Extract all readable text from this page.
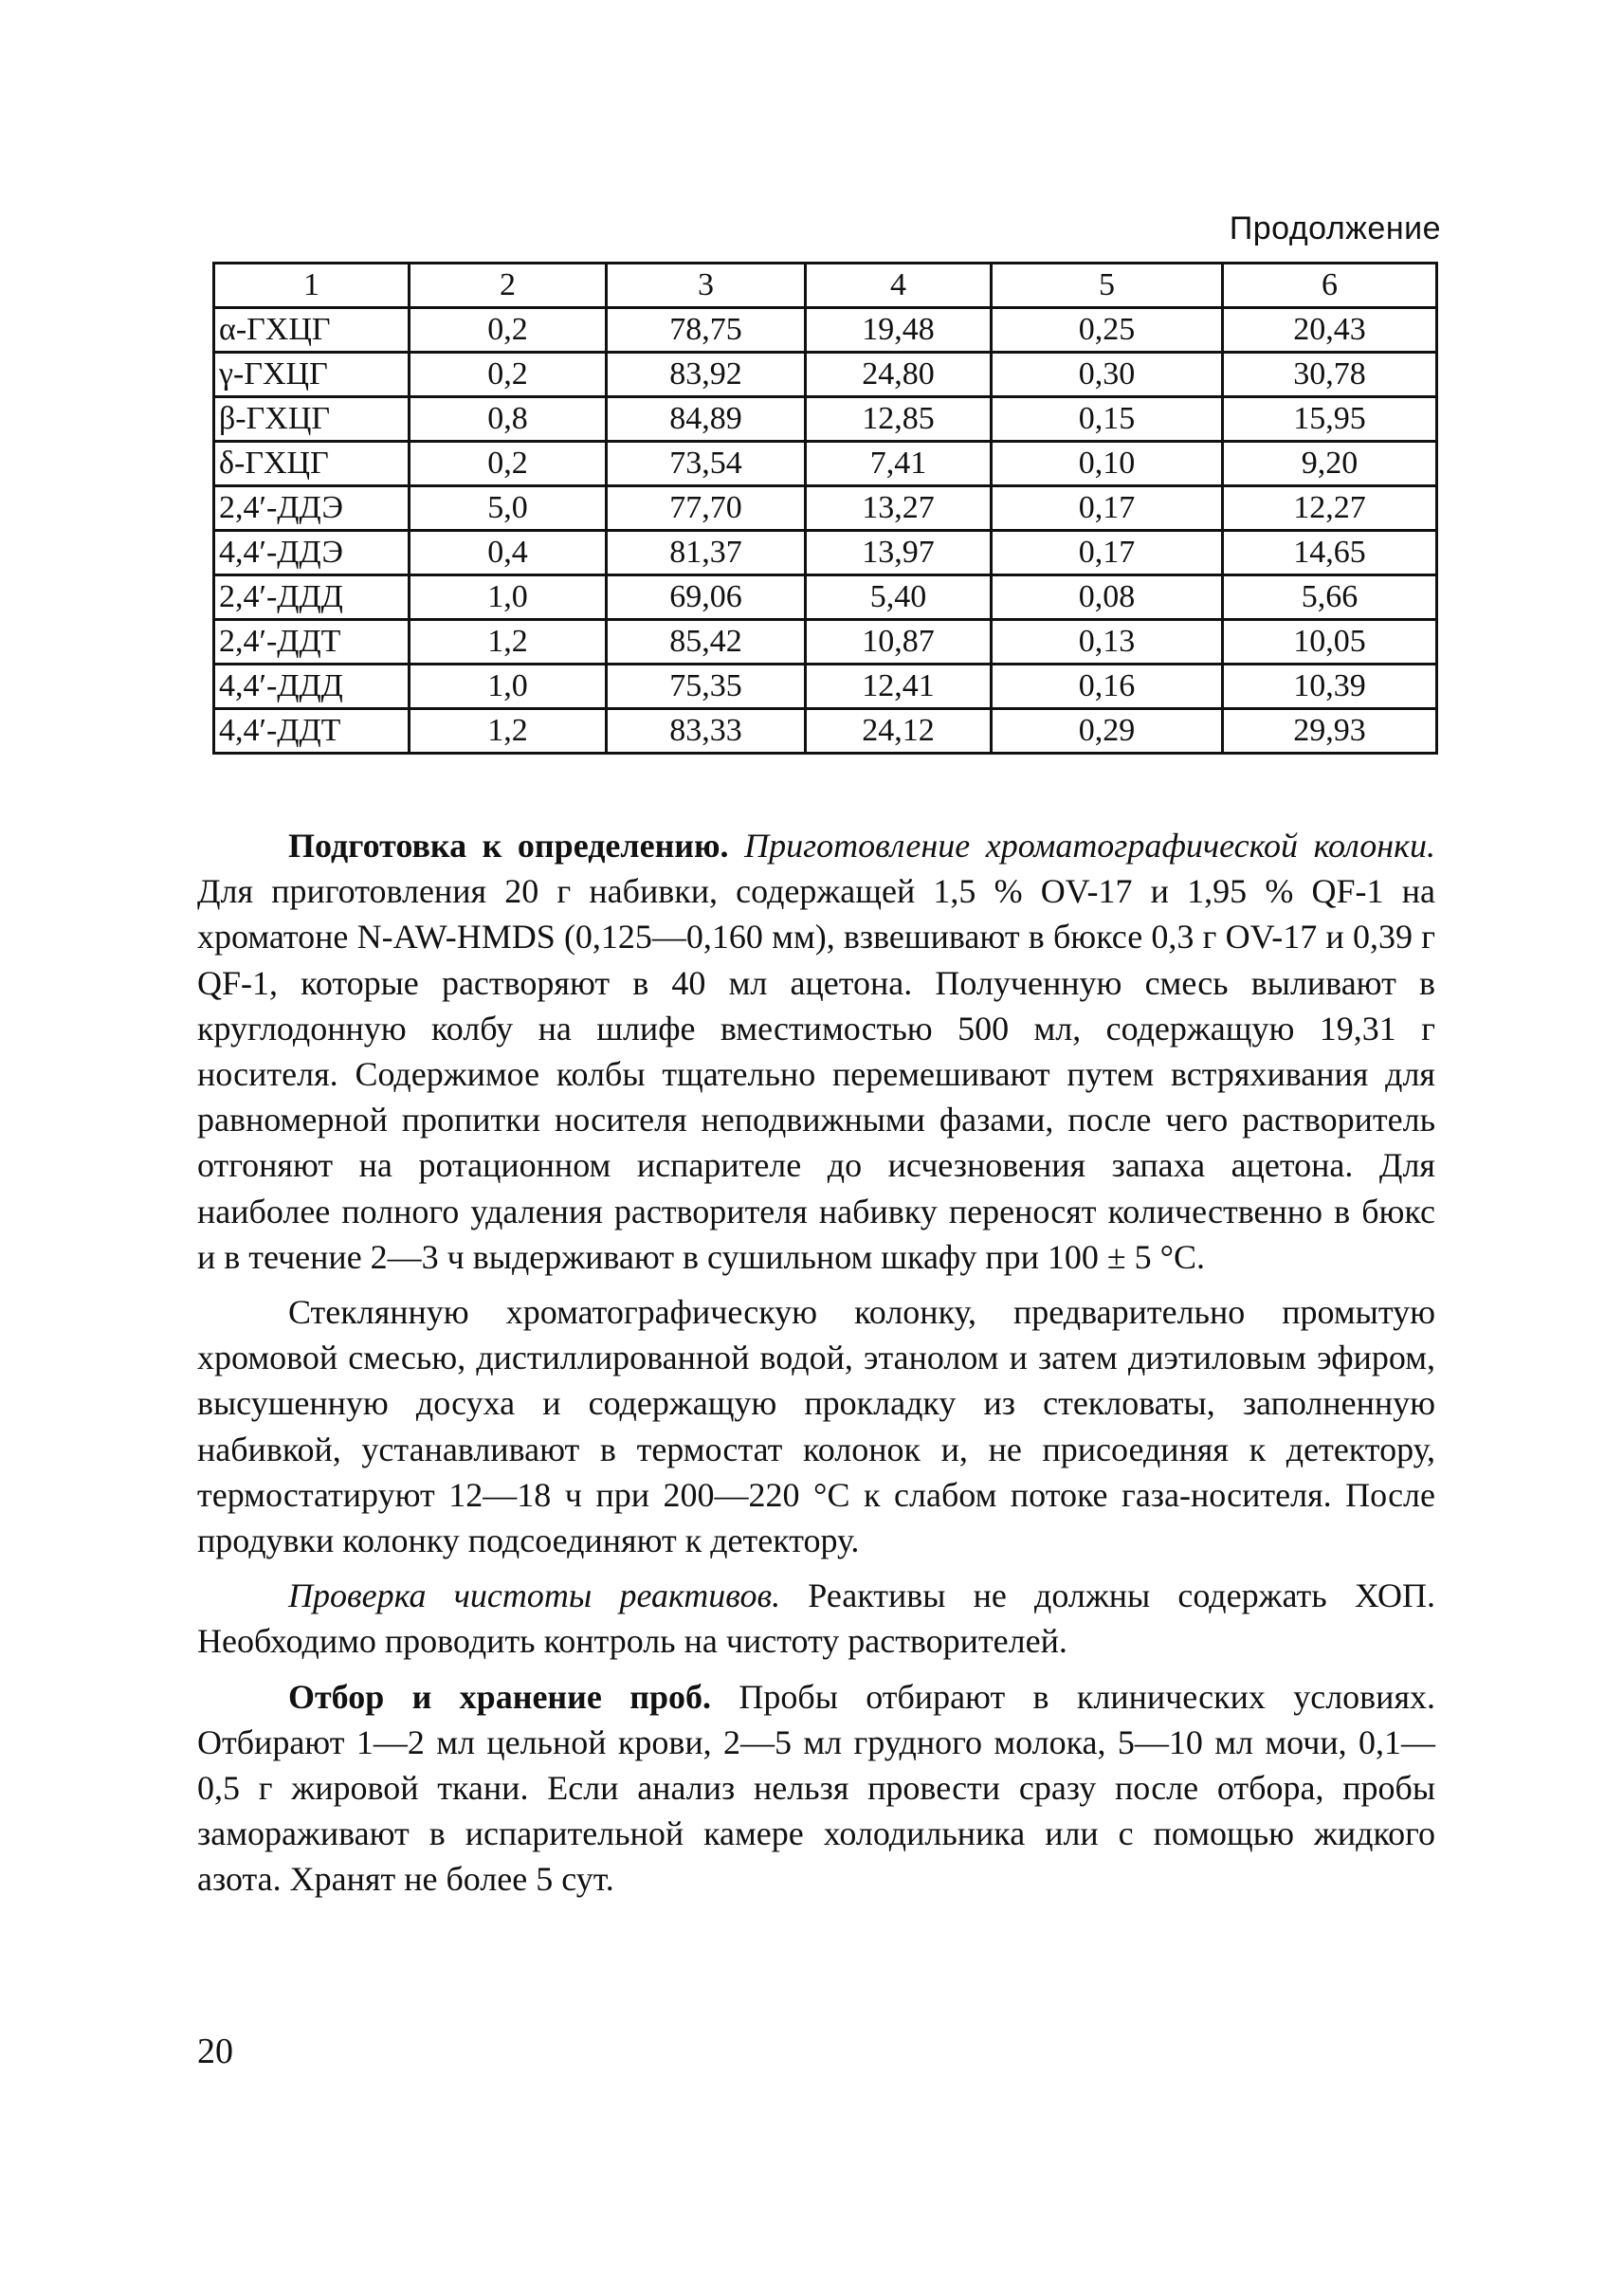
Продолжение
1	2	3	4	5	6
α-ГХЦГ	0,2	78,75	19,48	0,25	20,43
γ-ГХЦГ	0,2	83,92	24,80	0,30	30,78
β-ГХЦГ	0,8	84,89	12,85	0,15	15,95
δ-ГХЦГ	0,2	73,54	7,41	0,10	9,20
2,4′-ДДЭ	5,0	77,70	13,27	0,17	12,27
4,4′-ДДЭ	0,4	81,37	13,97	0,17	14,65
2,4′-ДДД	1,0	69,06	5,40	0,08	5,66
2,4′-ДДТ	1,2	85,42	10,87	0,13	10,05
4,4′-ДДД	1,0	75,35	12,41	0,16	10,39
4,4′-ДДТ	1,2	83,33	24,12	0,29	29,93

Подготовка к определению. Приготовление хроматографической колонки. Для приготовления 20 г набивки, содержащей 1,5 % OV-17 и 1,95 % QF-1 на хроматоне N-AW-HMDS (0,125—0,160 мм), взвешивают в бюксе 0,3 г OV-17 и 0,39 г QF-1, которые растворяют в 40 мл ацетона. Полученную смесь выливают в круглодонную колбу на шлифе вместимостью 500 мл, содержащую 19,31 г носителя. Содержимое колбы тщательно перемешивают путем встряхивания для равномерной пропитки носителя неподвижными фазами, после чего растворитель отгоняют на ротационном испарителе до исчезновения запаха ацетона. Для наиболее полного удаления растворителя набивку переносят количественно в бюкс и в течение 2—3 ч выдерживают в сушильном шкафу при 100 ± 5 °С.

Стеклянную хроматографическую колонку, предварительно промытую хромовой смесью, дистиллированной водой, этанолом и затем диэтиловым эфиром, высушенную досуха и содержащую прокладку из стекловаты, заполненную набивкой, устанавливают в термостат колонок и, не присоединяя к детектору, термостатируют 12—18 ч при 200—220 °С к слабом потоке газа-носителя. После продувки колонку подсоединяют к детектору.

Проверка чистоты реактивов. Реактивы не должны содержать ХОП. Необходимо проводить контроль на чистоту растворителей.

Отбор и хранение проб. Пробы отбирают в клинических условиях. Отбирают 1—2 мл цельной крови, 2—5 мл грудного молока, 5—10 мл мочи, 0,1—0,5 г жировой ткани. Если анализ нельзя провести сразу после отбора, пробы замораживают в испарительной камере холодильника или с помощью жидкого азота. Хранят не более 5 сут.

20
